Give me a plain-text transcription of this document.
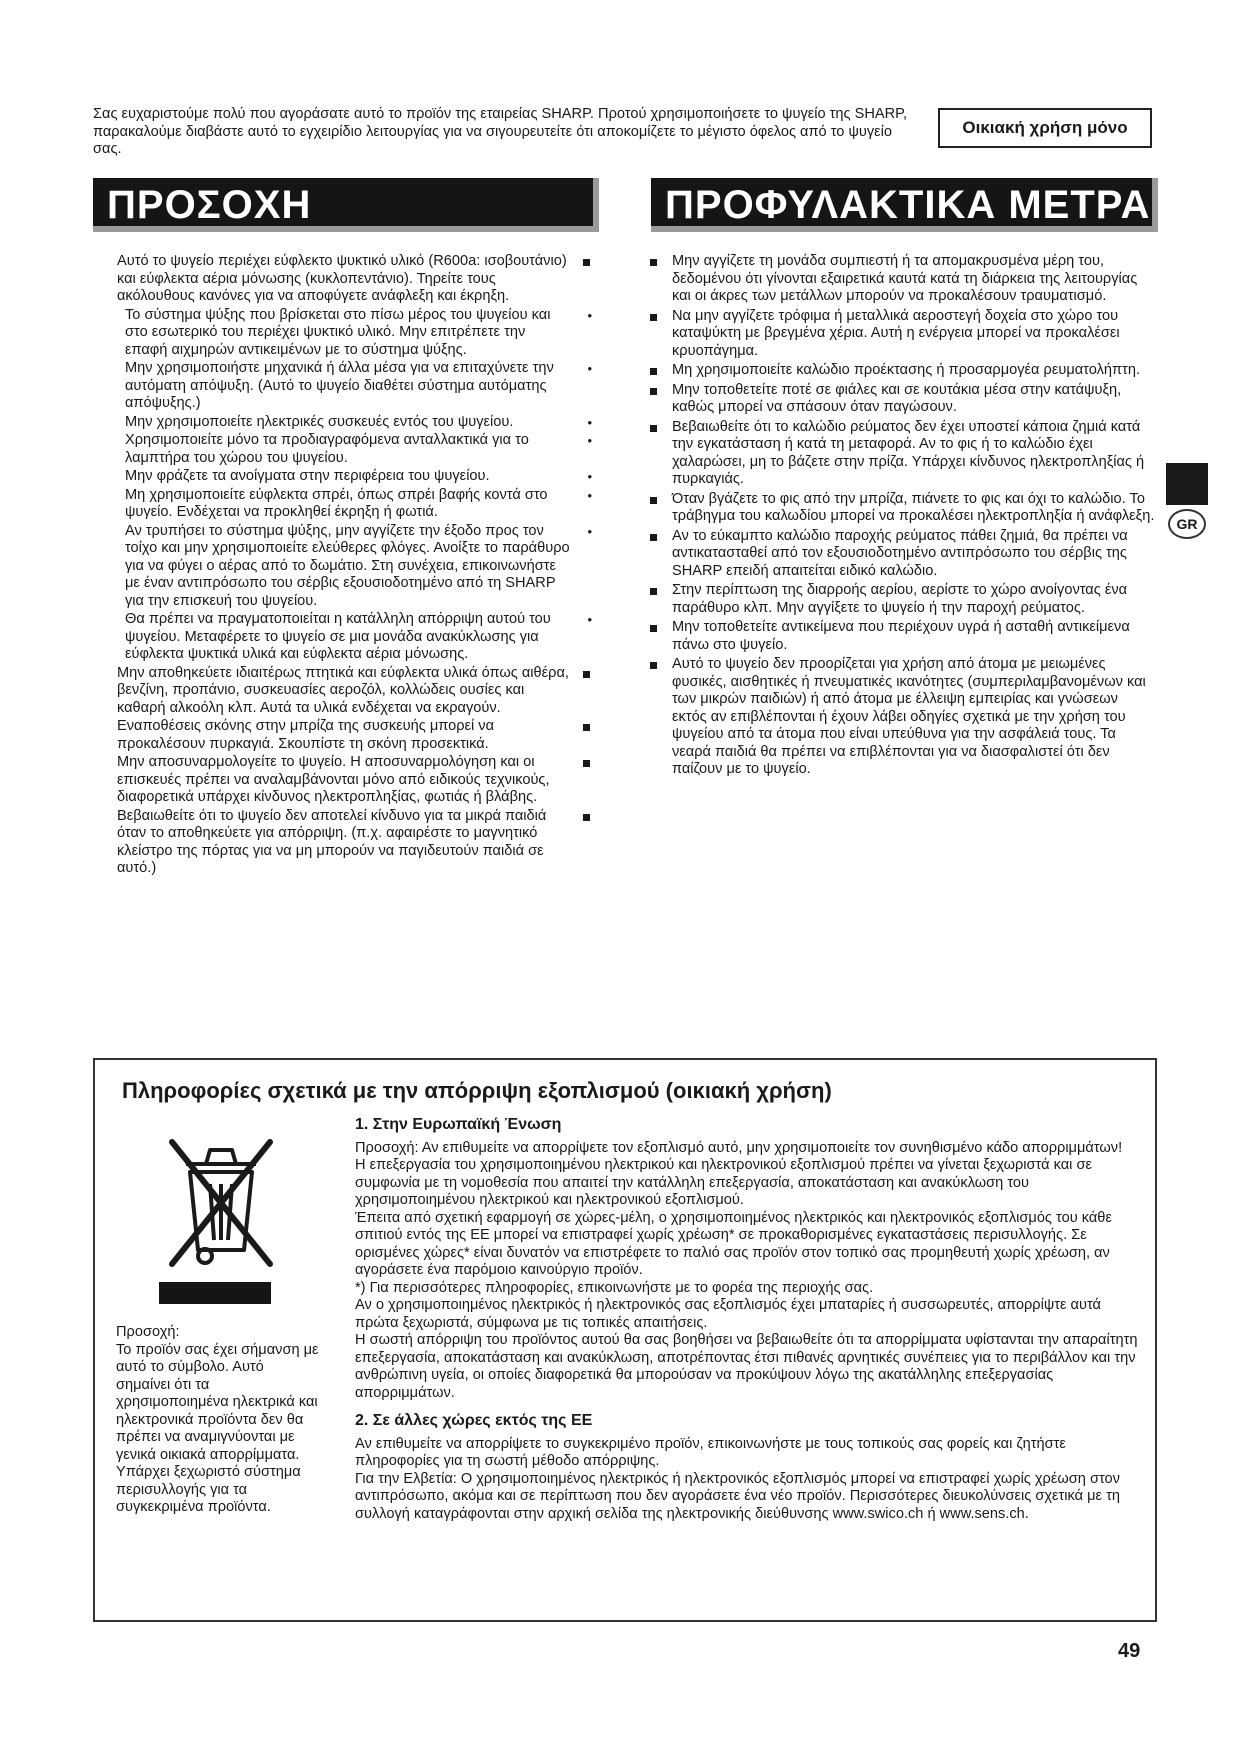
Σας ευχαριστούμε πολύ που αγοράσατε αυτό το προϊόν της εταιρείας SHARP. Προτού χρησιμοποιήσετε το ψυγείο της SHARP, παρακαλούμε διαβάστε αυτό το εγχειρίδιο λειτουργίας για να σιγουρευτείτε ότι αποκομίζετε το μέγιστο όφελος από το ψυγείο σας.
Οικιακή χρήση μόνο
ΠΡΟΣΟΧΗ	ΠΡΟΦΥΛΑΚΤΙΚΑ ΜΕΤΡΑ
Αυτό το ψυγείο περιέχει εύφλεκτο ψυκτικό υλικό (R600a: ισοβουτάνιο) και εύφλεκτα αέρια μόνωσης (κυκλοπεντάνιο). Τηρείτε τους ακόλουθους κανόνες για να αποφύγετε ανάφλεξη και έκρηξη.
Το σύστημα ψύξης που βρίσκεται στο πίσω μέρος του ψυγείου και στο εσωτερικό του περιέχει ψυκτικό υλικό. Μην επιτρέπετε την επαφή αιχμηρών αντικειμένων με το σύστημα ψύξης.
•
Μην χρησιμοποιήστε μηχανικά ή άλλα μέσα για να επιταχύνετε την αυτόματη απόψυξη. (Αυτό το ψυγείο διαθέτει σύστημα αυτόματης απόψυξης.)
•
Μην χρησιμοποιείτε ηλεκτρικές συσκευές εντός του ψυγείου.	•
Χρησιμοποιείτε μόνο τα προδιαγραφόμενα ανταλλακτικά για το λαμπτήρα του χώρου του ψυγείου.
•
Μην φράζετε τα ανοίγματα στην περιφέρεια του ψυγείου.	•
Μη χρησιμοποιείτε εύφλεκτα σπρέι, όπως σπρέι βαφής κοντά στο ψυγείο. Ενδέχεται να προκληθεί έκρηξη ή φωτιά.
•
Αν τρυπήσει το σύστημα ψύξης, μην αγγίζετε την έξοδο προς τον τοίχο και μην χρησιμοποιείτε ελεύθερες φλόγες. Ανοίξτε το παράθυρο για να φύγει ο αέρας από το δωμάτιο. Στη συνέχεια, επικοινωνήστε με έναν αντιπρόσωπο του σέρβις εξουσιοδοτημένο από τη SHARP για την επισκευή του ψυγείου.
•
Θα πρέπει να πραγματοποιείται η κατάλληλη απόρριψη αυτού του ψυγείου. Μεταφέρετε το ψυγείο σε μια μονάδα ανακύκλωσης για εύφλεκτα ψυκτικά υλικά και εύφλεκτα αέρια μόνωσης.
•
Μην αποθηκεύετε ιδιαιτέρως πτητικά και εύφλεκτα υλικά όπως αιθέρα, βενζίνη, προπάνιο, συσκευασίες αεροζόλ, κολλώδεις ουσίες και καθαρή αλκοόλη κλπ. Αυτά τα υλικά ενδέχεται να εκραγούν.
Εναποθέσεις σκόνης στην μπρίζα της συσκευής μπορεί να προκαλέσουν πυρκαγιά. Σκουπίστε τη σκόνη προσεκτικά.
Μην αποσυναρμολογείτε το ψυγείο. Η αποσυναρμολόγηση και οι επισκευές πρέπει να αναλαμβάνονται μόνο από ειδικούς τεχνικούς, διαφορετικά υπάρχει κίνδυνος ηλεκτροπληξίας, φωτιάς ή βλάβης.
Βεβαιωθείτε ότι το ψυγείο δεν αποτελεί κίνδυνο για τα μικρά παιδιά όταν το αποθηκεύετε για απόρριψη. (π.χ. αφαιρέστε το μαγνητικό κλείστρο της πόρτας για να μη μπορούν να παγιδευτούν παιδιά σε αυτό.)
Μην αγγίζετε τη μονάδα συμπιεστή ή τα απομακρυσμένα μέρη του, δεδομένου ότι γίνονται εξαιρετικά καυτά κατά τη διάρκεια της λειτουργίας και οι άκρες των μετάλλων μπορούν να προκαλέσουν τραυματισμό.
Να μην αγγίζετε τρόφιμα ή μεταλλικά αεροστεγή δοχεία στο χώρο του καταψύκτη με βρεγμένα χέρια. Αυτή η ενέργεια μπορεί να προκαλέσει κρυοπάγημα.
Μη χρησιμοποιείτε καλώδιο προέκτασης ή προσαρμογέα ρευματολήπτη.
Μην τοποθετείτε ποτέ σε φιάλες και σε κουτάκια μέσα στην κατάψυξη, καθώς μπορεί να σπάσουν όταν παγώσουν.
Βεβαιωθείτε ότι το καλώδιο ρεύματος δεν έχει υποστεί κάποια ζημιά κατά την εγκατάσταση ή κατά τη μεταφορά. Αν το φις ή το καλώδιο έχει χαλαρώσει, μη το βάζετε στην πρίζα. Υπάρχει κίνδυνος ηλεκτροπληξίας ή πυρκαγιάς.
Όταν βγάζετε το φις από την μπρίζα, πιάνετε το φις και όχι το καλώδιο. Το τράβηγμα του καλωδίου μπορεί να προκαλέσει ηλεκτροπληξία ή ανάφλεξη.
Αν το εύκαμπτο καλώδιο παροχής ρεύματος πάθει ζημιά, θα πρέπει να αντικατασταθεί από τον εξουσιοδοτημένο αντιπρόσωπο του σέρβις της SHARP επειδή απαιτείται ειδικό καλώδιο.
Στην περίπτωση της διαρροής αερίου, αερίστε το χώρο ανοίγοντας ένα παράθυρο κλπ. Μην αγγίξετε το ψυγείο ή την παροχή ρεύματος.
Μην τοποθετείτε αντικείμενα που περιέχουν υγρά ή ασταθή αντικείμενα πάνω στο ψυγείο.
Αυτό το ψυγείο δεν προορίζεται για χρήση από άτομα με μειωμένες φυσικές, αισθητικές ή πνευματικές ικανότητες (συμπεριλαμβανομένων και των μικρών παιδιών) ή από άτομα με έλλειψη εμπειρίας και γνώσεων εκτός αν επιβλέπονται ή έχουν λάβει οδηγίες σχετικά με την χρήση του ψυγείου από τα άτομα που είναι υπεύθυνα για την ασφάλειά τους. Τα νεαρά παιδιά θα πρέπει να επιβλέπονται για να διασφαλιστεί ότι δεν παίζουν με το ψυγείο.
GR
Πληροφορίες σχετικά με την απόρριψη εξοπλισμού (οικιακή χρήση)
Προσοχή:
Το προϊόν σας έχει σήμανση με αυτό το σύμβολο. Αυτό σημαίνει ότι τα χρησιμοποιημένα ηλεκτρικά και ηλεκτρονικά προϊόντα δεν θα πρέπει να αναμιγνύονται με γενικά οικιακά απορρίμματα. Υπάρχει ξεχωριστό σύστημα περισυλλογής για τα συγκεκριμένα προϊόντα.
1. Στην Ευρωπαϊκή Ένωση

Προσοχή: Αν επιθυμείτε να απορρίψετε τον εξοπλισμό αυτό, μην χρησιμοποιείτε τον συνηθισμένο κάδο απορριμμάτων!

Η επεξεργασία του χρησιμοποιημένου ηλεκτρικού και ηλεκτρονικού εξοπλισμού πρέπει να γίνεται ξεχωριστά και σε συμφωνία με τη νομοθεσία που απαιτεί την κατάλληλη επεξεργασία, αποκατάσταση και ανακύκλωση του χρησιμοποιημένου ηλεκτρικού και ηλεκτρονικού εξοπλισμού.

Έπειτα από σχετική εφαρμογή σε χώρες-μέλη, ο χρησιμοποιημένος ηλεκτρικός και ηλεκτρονικός εξοπλισμός του κάθε σπιτιού εντός της ΕΕ μπορεί να επιστραφεί χωρίς χρέωση* σε προκαθορισμένες εγκαταστάσεις περισυλλογής. Σε ορισμένες χώρες* είναι δυνατόν να επιστρέφετε το παλιό σας προϊόν στον τοπικό σας προμηθευτή χωρίς χρέωση, αν αγοράσετε ένα παρόμοιο καινούργιο προϊόν.

*) Για περισσότερες πληροφορίες, επικοινωνήστε με το φορέα της περιοχής σας.

Αν ο χρησιμοποιημένος ηλεκτρικός ή ηλεκτρονικός σας εξοπλισμός έχει μπαταρίες ή συσσωρευτές, απορρίψτε αυτά πρώτα ξεχωριστά, σύμφωνα με τις τοπικές απαιτήσεις.

Η σωστή απόρριψη του προϊόντος αυτού θα σας βοηθήσει να βεβαιωθείτε ότι τα απορρίμματα υφίστανται την απαραίτητη επεξεργασία, αποκατάσταση και ανακύκλωση, αποτρέποντας έτσι πιθανές αρνητικές συνέπειες για το περιβάλλον και την ανθρώπινη υγεία, οι οποίες διαφορετικά θα μπορούσαν να προκύψουν λόγω της ακατάλληλης επεξεργασίας απορριμμάτων.

2. Σε άλλες χώρες εκτός της ΕΕ

Αν επιθυμείτε να απορρίψετε το συγκεκριμένο προϊόν, επικοινωνήστε με τους τοπικούς σας φορείς και ζητήστε πληροφορίες για τη σωστή μέθοδο απόρριψης.

Για την Ελβετία: Ο χρησιμοποιημένος ηλεκτρικός ή ηλεκτρονικός εξοπλισμός μπορεί να επιστραφεί χωρίς χρέωση στον αντιπρόσωπο, ακόμα και σε περίπτωση που δεν αγοράσετε ένα νέο προϊόν. Περισσότερες διευκολύνσεις σχετικά με τη συλλογή καταγράφονται στην αρχική σελίδα της ηλεκτρονικής διεύθυνσης www.swico.ch ή www.sens.ch.

49
